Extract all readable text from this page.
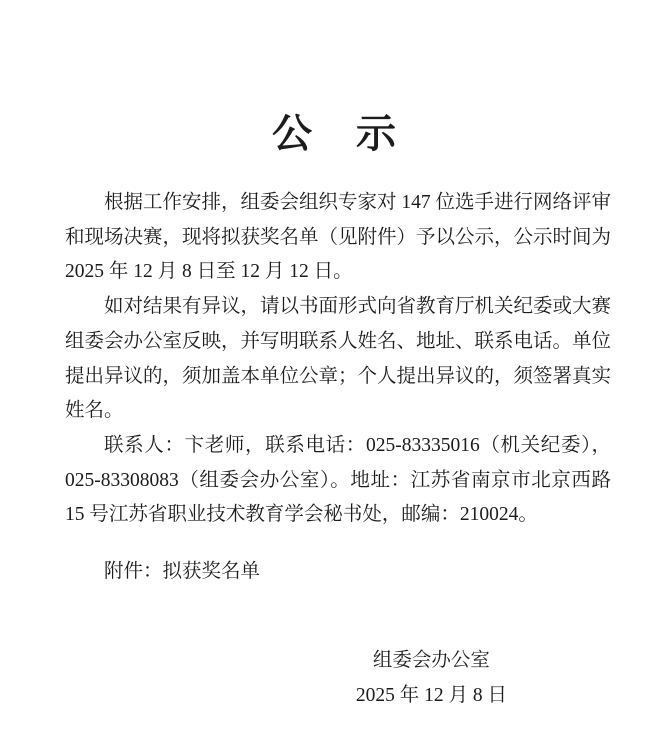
公　示

根据工作安排，组委会组织专家对 147 位选手进行网络评审和现场决赛，现将拟获奖名单（见附件）予以公示，公示时间为 2025 年 12 月 8 日至 12 月 12 日。

如对结果有异议，请以书面形式向省教育厅机关纪委或大赛组委会办公室反映，并写明联系人姓名、地址、联系电话。单位提出异议的，须加盖本单位公章；个人提出异议的，须签署真实姓名。

联系人：卞老师，联系电话：025-83335016（机关纪委），025-83308083（组委会办公室）。地址：江苏省南京市北京西路 15 号江苏省职业技术教育学会秘书处，邮编：210024。

附件：拟获奖名单

组委会办公室
2025 年 12 月 8 日
